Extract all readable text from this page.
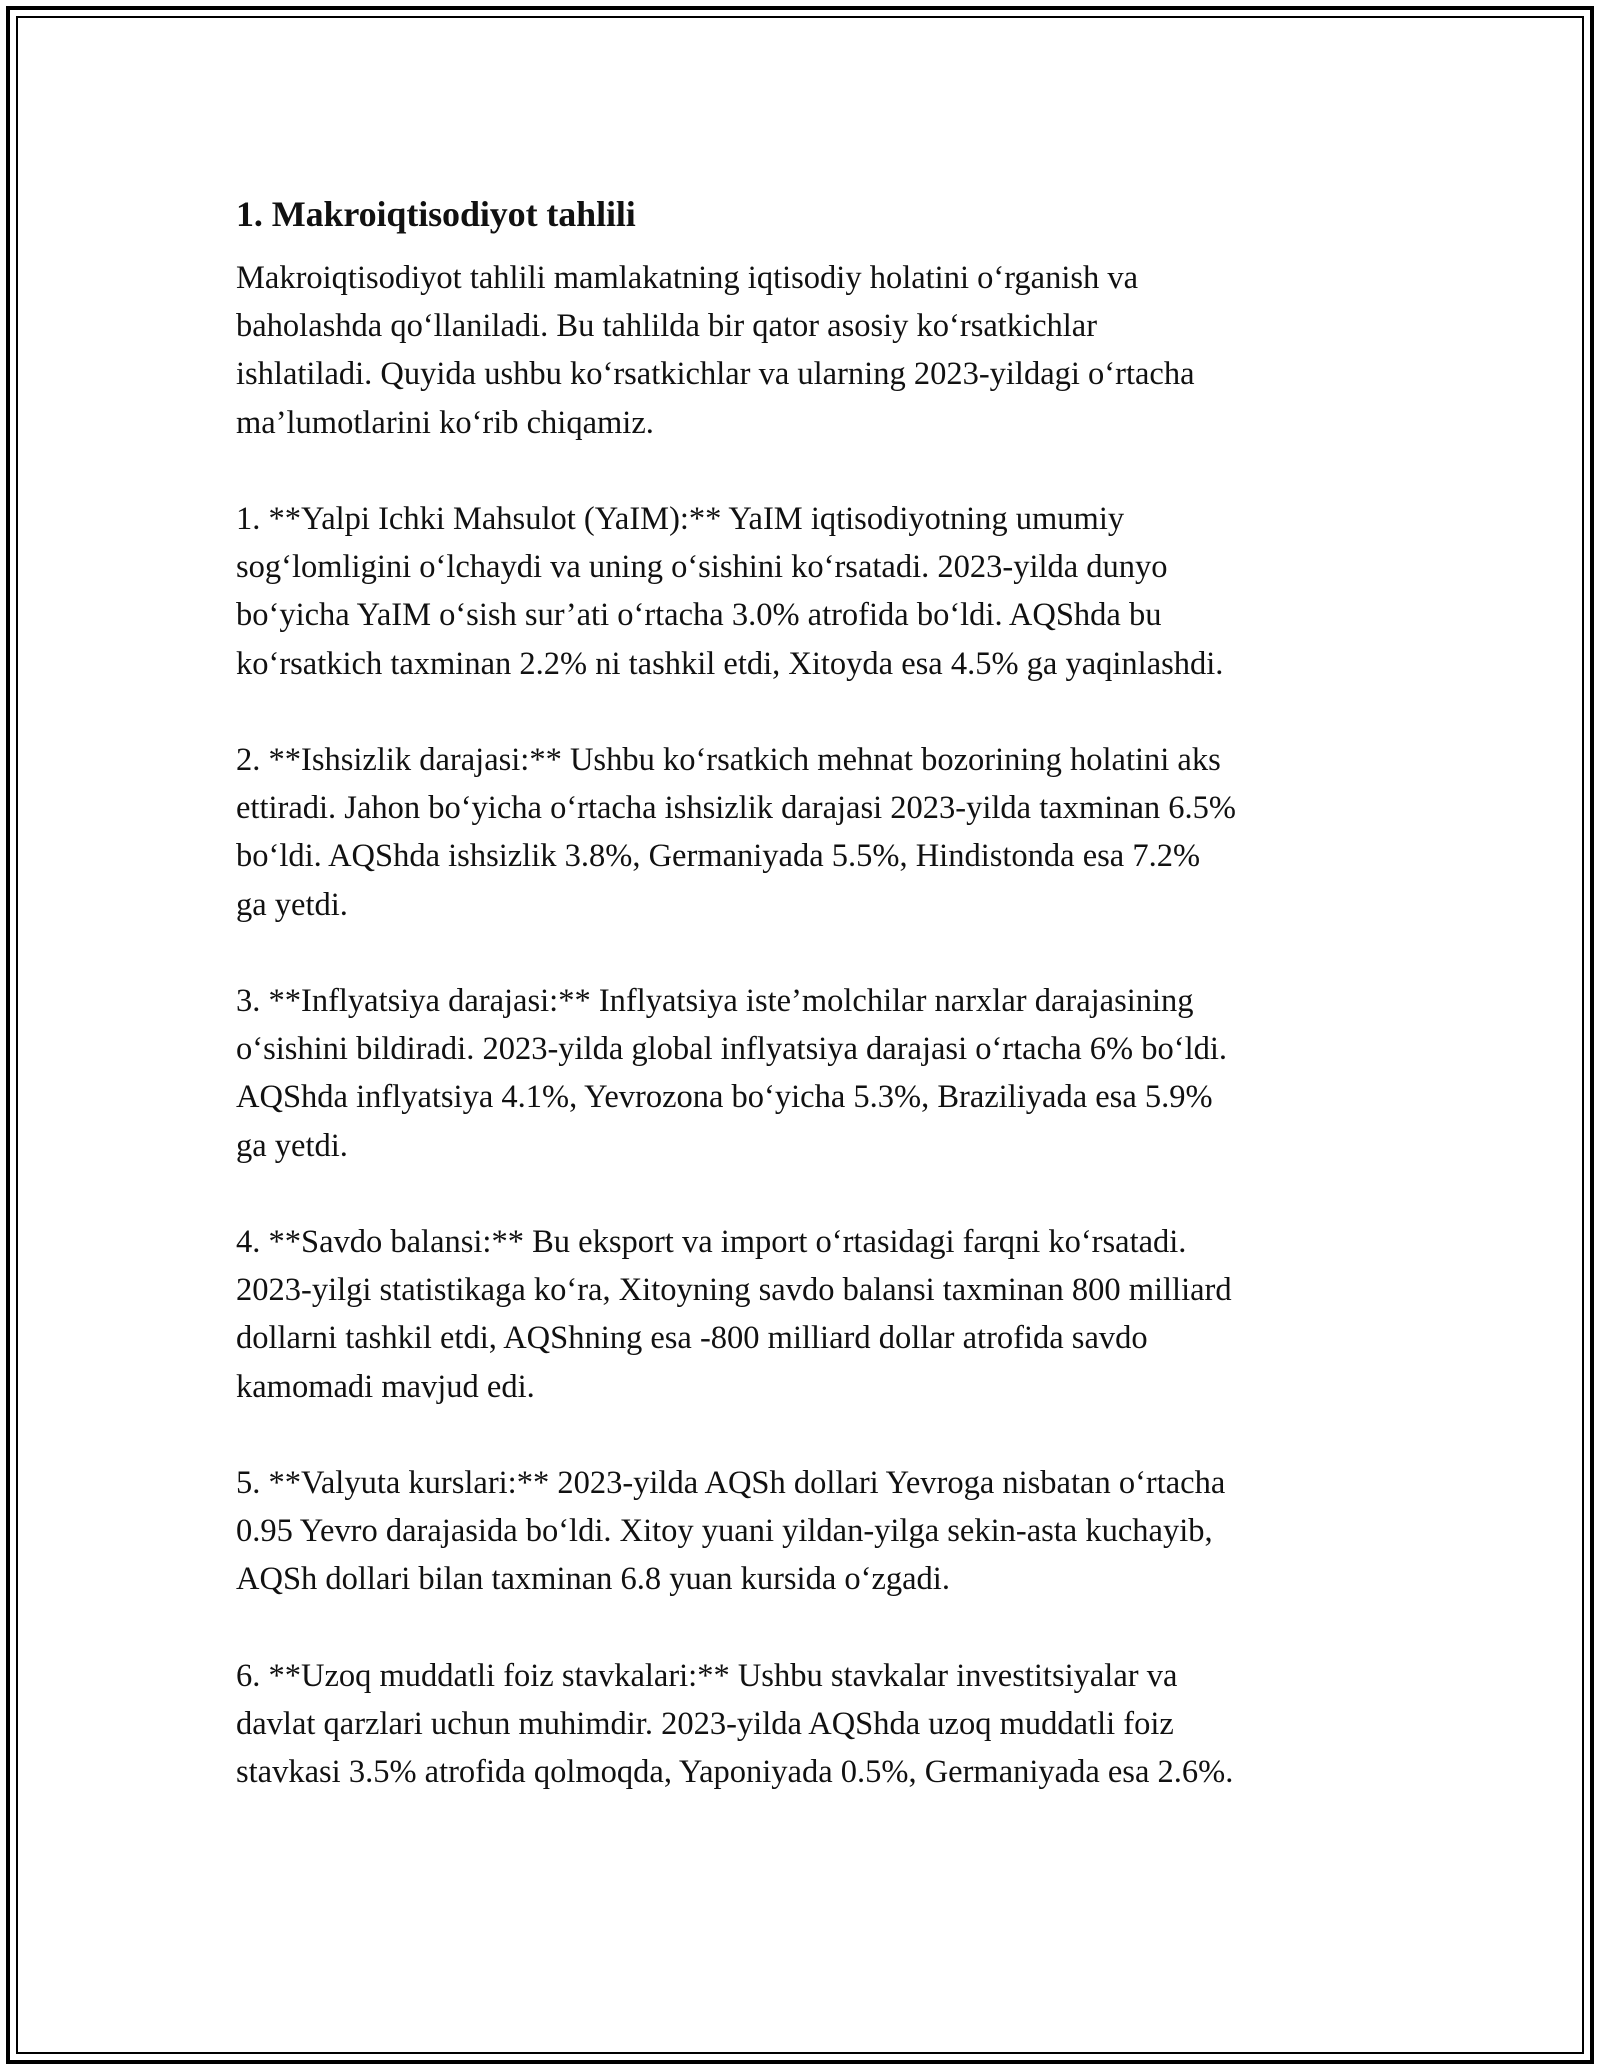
1. Makroiqtisodiyot tahlili

Makroiqtisodiyot tahlili mamlakatning iqtisodiy holatini o‘rganish va
baholashda qo‘llaniladi. Bu tahlilda bir qator asosiy ko‘rsatkichlar
ishlatiladi. Quyida ushbu ko‘rsatkichlar va ularning 2023-yildagi o‘rtacha
ma’lumotlarini ko‘rib chiqamiz.

1. **Yalpi Ichki Mahsulot (YaIM):** YaIM iqtisodiyotning umumiy
sog‘lomligini o‘lchaydi va uning o‘sishini ko‘rsatadi. 2023-yilda dunyo
bo‘yicha YaIM o‘sish sur’ati o‘rtacha 3.0% atrofida bo‘ldi. AQShda bu
ko‘rsatkich taxminan 2.2% ni tashkil etdi, Xitoyda esa 4.5% ga yaqinlashdi.

2. **Ishsizlik darajasi:** Ushbu ko‘rsatkich mehnat bozorining holatini aks
ettiradi. Jahon bo‘yicha o‘rtacha ishsizlik darajasi 2023-yilda taxminan 6.5%
bo‘ldi. AQShda ishsizlik 3.8%, Germaniyada 5.5%, Hindistonda esa 7.2%
ga yetdi.

3. **Inflyatsiya darajasi:** Inflyatsiya iste’molchilar narxlar darajasining
o‘sishini bildiradi. 2023-yilda global inflyatsiya darajasi o‘rtacha 6% bo‘ldi.
AQShda inflyatsiya 4.1%, Yevrozona bo‘yicha 5.3%, Braziliyada esa 5.9%
ga yetdi.

4. **Savdo balansi:** Bu eksport va import o‘rtasidagi farqni ko‘rsatadi.
2023-yilgi statistikaga ko‘ra, Xitoyning savdo balansi taxminan 800 milliard
dollarni tashkil etdi, AQShning esa -800 milliard dollar atrofida savdo
kamomadi mavjud edi.

5. **Valyuta kurslari:** 2023-yilda AQSh dollari Yevroga nisbatan o‘rtacha
0.95 Yevro darajasida bo‘ldi. Xitoy yuani yildan-yilga sekin-asta kuchayib,
AQSh dollari bilan taxminan 6.8 yuan kursida o‘zgadi.

6. **Uzoq muddatli foiz stavkalari:** Ushbu stavkalar investitsiyalar va
davlat qarzlari uchun muhimdir. 2023-yilda AQShda uzoq muddatli foiz
stavkasi 3.5% atrofida qolmoqda, Yaponiyada 0.5%, Germaniyada esa 2.6%.
